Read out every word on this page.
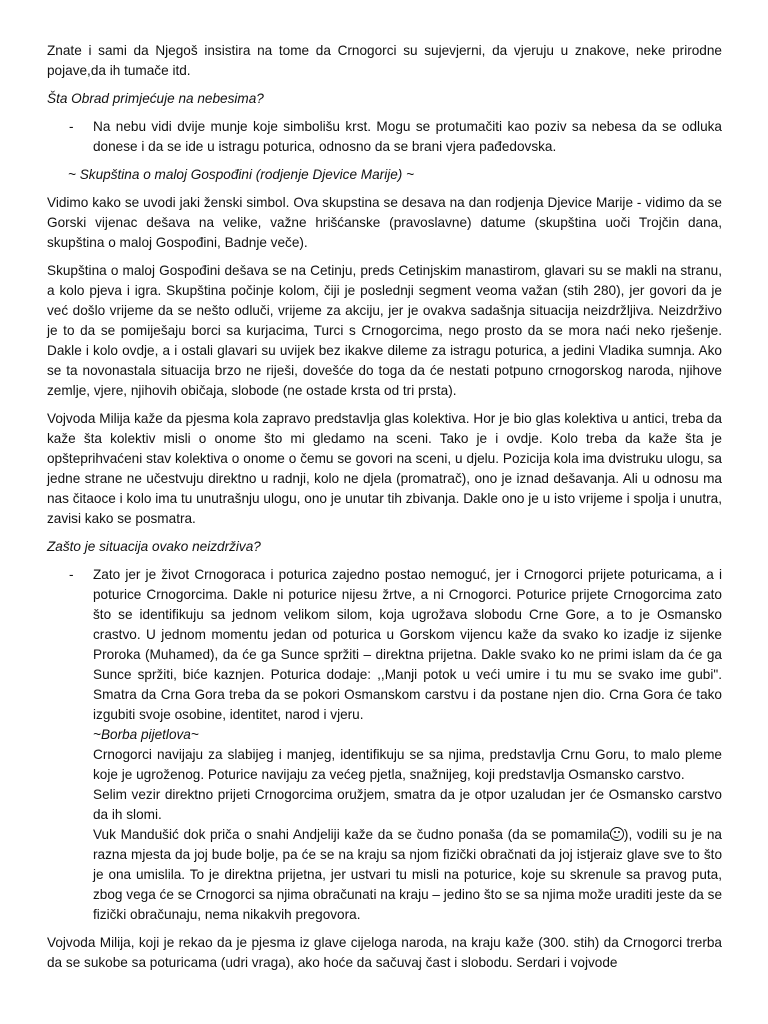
Znate i sami da Njegoš insistira na tome da Crnogorci su sujevjerni, da vjeruju u znakove, neke prirodne pojave,da ih tumače itd.

Šta Obrad primjećuje na nebesima?

-	Na nebu vidi dvije munje koje simbolišu krst. Mogu se protumačiti kao poziv sa nebesa da se odluka donese i da se ide u istragu poturica, odnosno da se brani vjera pađedovska.

~ Skupština o maloj Gospođini (rodjenje Djevice Marije) ~

Vidimo kako se uvodi jaki ženski simbol. Ova skupstina se desava na dan rodjenja Djevice Marije - vidimo da se Gorski vijenac dešava na velike, važne hrišćanske (pravoslavne) datume (skupština uoči Trojčin dana, skupština o maloj Gospođini, Badnje veče).

Skupština o maloj Gospođini dešava se na Cetinju, preds Cetinjskim manastirom, glavari su se makli na stranu, a kolo pjeva i igra. Skupština počinje kolom, čiji je poslednji segment veoma važan (stih 280), jer govori da je već došlo vrijeme da se nešto odluči, vrijeme za akciju, jer je ovakva sadašnja situacija neizdržljiva. Neizdrživo je to da se pomiješaju borci sa kurjacima, Turci s Crnogorcima, nego prosto da se mora naći neko rješenje. Dakle i kolo ovdje, a i ostali glavari su uvijek bez ikakve dileme za istragu poturica, a jedini Vladika sumnja. Ako se ta novonastala situacija brzo ne riješi, dovešće do toga da će nestati potpuno crnogorskog naroda, njihove zemlje, vjere, njihovih običaja, slobode (ne ostade krsta od tri prsta).

Vojvoda Milija kaže da pjesma kola zapravo predstavlja glas kolektiva. Hor je bio glas kolektiva u antici, treba da kaže šta kolektiv misli o onome što mi gledamo na sceni. Tako je i ovdje. Kolo treba da kaže šta je opšteprihvaćeni stav kolektiva o onome o čemu se govori na sceni, u djelu. Pozicija kola ima dvistruku ulogu, sa jedne strane ne učestvuju direktno u radnji, kolo ne djela (promatrač), ono je iznad dešavanja. Ali u odnosu ma nas čitaoce i kolo ima tu unutrašnju ulogu, ono je unutar tih zbivanja. Dakle ono je u isto vrijeme i spolja i unutra, zavisi kako se posmatra.

Zašto je situacija ovako neizdrživa?

-	Zato jer je život Crnogoraca i poturica zajedno postao nemoguć, jer i Crnogorci prijete poturicama, a i poturice Crnogorcima. Dakle ni poturice nijesu žrtve, a ni Crnogorci. Poturice prijete Crnogorcima zato što se identifikuju sa jednom velikom silom, koja ugrožava slobodu Crne Gore, a to je Osmansko crastvo. U jednom momentu jedan od poturica u Gorskom vijencu kaže da svako ko izadje iz sijenke Proroka (Muhamed), da će ga Sunce spržiti – direktna prijetna. Dakle svako ko ne primi islam da će ga Sunce spržiti, biće kaznjen. Poturica dodaje: ,,Manji potok u veći umire i tu mu se svako ime gubi". Smatra da Crna Gora treba da se pokori Osmanskom carstvu i da postane njen dio. Crna Gora će tako izgubiti svoje osobine, identitet, narod i vjeru.

~Borba pijetlova~

Crnogorci navijaju za slabijeg i manjeg, identifikuju se sa njima, predstavlja Crnu Goru, to malo pleme koje je ugroženog. Poturice navijaju za većeg pjetla, snažnijeg, koji predstavlja Osmansko carstvo.

Selim vezir direktno prijeti Crnogorcima oružjem, smatra da je otpor uzaludan jer će Osmansko carstvo da ih slomi.

Vuk Mandušić dok priča o snahi Andjeliji kaže da se čudno ponaša (da se pomamila ), vodili su je na razna mjesta da joj bude bolje, pa će se na kraju sa njom fizički obračnati da joj istjeraiz glave sve to što je ona umislila. To je direktna prijetna, jer ustvari tu misli na poturice, koje su skrenule sa pravog puta, zbog vega će se Crnogorci sa njima obračunati na kraju – jedino što se sa njima može uraditi jeste da se fizički obračunaju, nema nikakvih pregovora.

Vojvoda Milija, koji je rekao da je pjesma iz glave cijeloga naroda, na kraju kaže (300. stih) da Crnogorci trerba da se sukobe sa poturicama (udri vraga), ako hoće da sačuvaj čast i slobodu. Serdari i vojvode
